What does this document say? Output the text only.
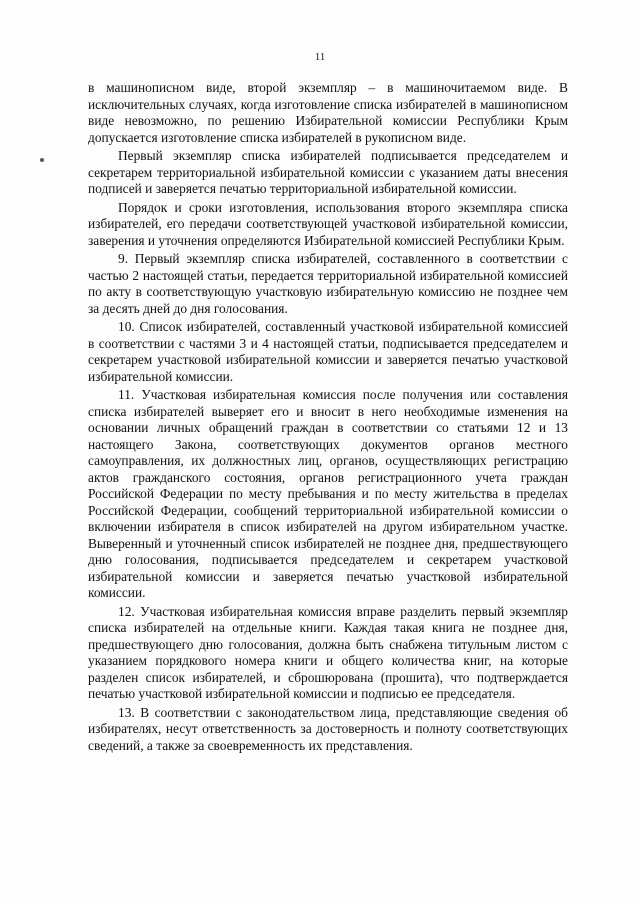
11

в машинописном виде, второй экземпляр – в машиночитаемом виде. В исключительных случаях, когда изготовление списка избирателей в машинописном виде невозможно, по решению Избирательной комиссии Республики Крым допускается изготовление списка избирателей в рукописном виде.

Первый экземпляр списка избирателей подписывается председателем и секретарем территориальной избирательной комиссии с указанием даты внесения подписей и заверяется печатью территориальной избирательной комиссии.

Порядок и сроки изготовления, использования второго экземпляра списка избирателей, его передачи соответствующей участковой избирательной комиссии, заверения и уточнения определяются Избирательной комиссией Республики Крым.

9. Первый экземпляр списка избирателей, составленного в соответствии с частью 2 настоящей статьи, передается территориальной избирательной комиссией по акту в соответствующую участковую избирательную комиссию не позднее чем за десять дней до дня голосования.

10. Список избирателей, составленный участковой избирательной комиссией в соответствии с частями 3 и 4 настоящей статьи, подписывается председателем и секретарем участковой избирательной комиссии и заверяется печатью участковой избирательной комиссии.

11. Участковая избирательная комиссия после получения или составления списка избирателей выверяет его и вносит в него необходимые изменения на основании личных обращений граждан в соответствии со статьями 12 и 13 настоящего Закона, соответствующих документов органов местного самоуправления, их должностных лиц, органов, осуществляющих регистрацию актов гражданского состояния, органов регистрационного учета граждан Российской Федерации по месту пребывания и по месту жительства в пределах Российской Федерации, сообщений территориальной избирательной комиссии о включении избирателя в список избирателей на другом избирательном участке. Выверенный и уточненный список избирателей не позднее дня, предшествующего дню голосования, подписывается председателем и секретарем участковой избирательной комиссии и заверяется печатью участковой избирательной комиссии.

12. Участковая избирательная комиссия вправе разделить первый экземпляр списка избирателей на отдельные книги. Каждая такая книга не позднее дня, предшествующего дню голосования, должна быть снабжена титульным листом с указанием порядкового номера книги и общего количества книг, на которые разделен список избирателей, и сброшюрована (прошита), что подтверждается печатью участковой избирательной комиссии и подписью ее председателя.

13. В соответствии с законодательством лица, представляющие сведения об избирателях, несут ответственность за достоверность и полноту соответствующих сведений, а также за своевременность их представления.
